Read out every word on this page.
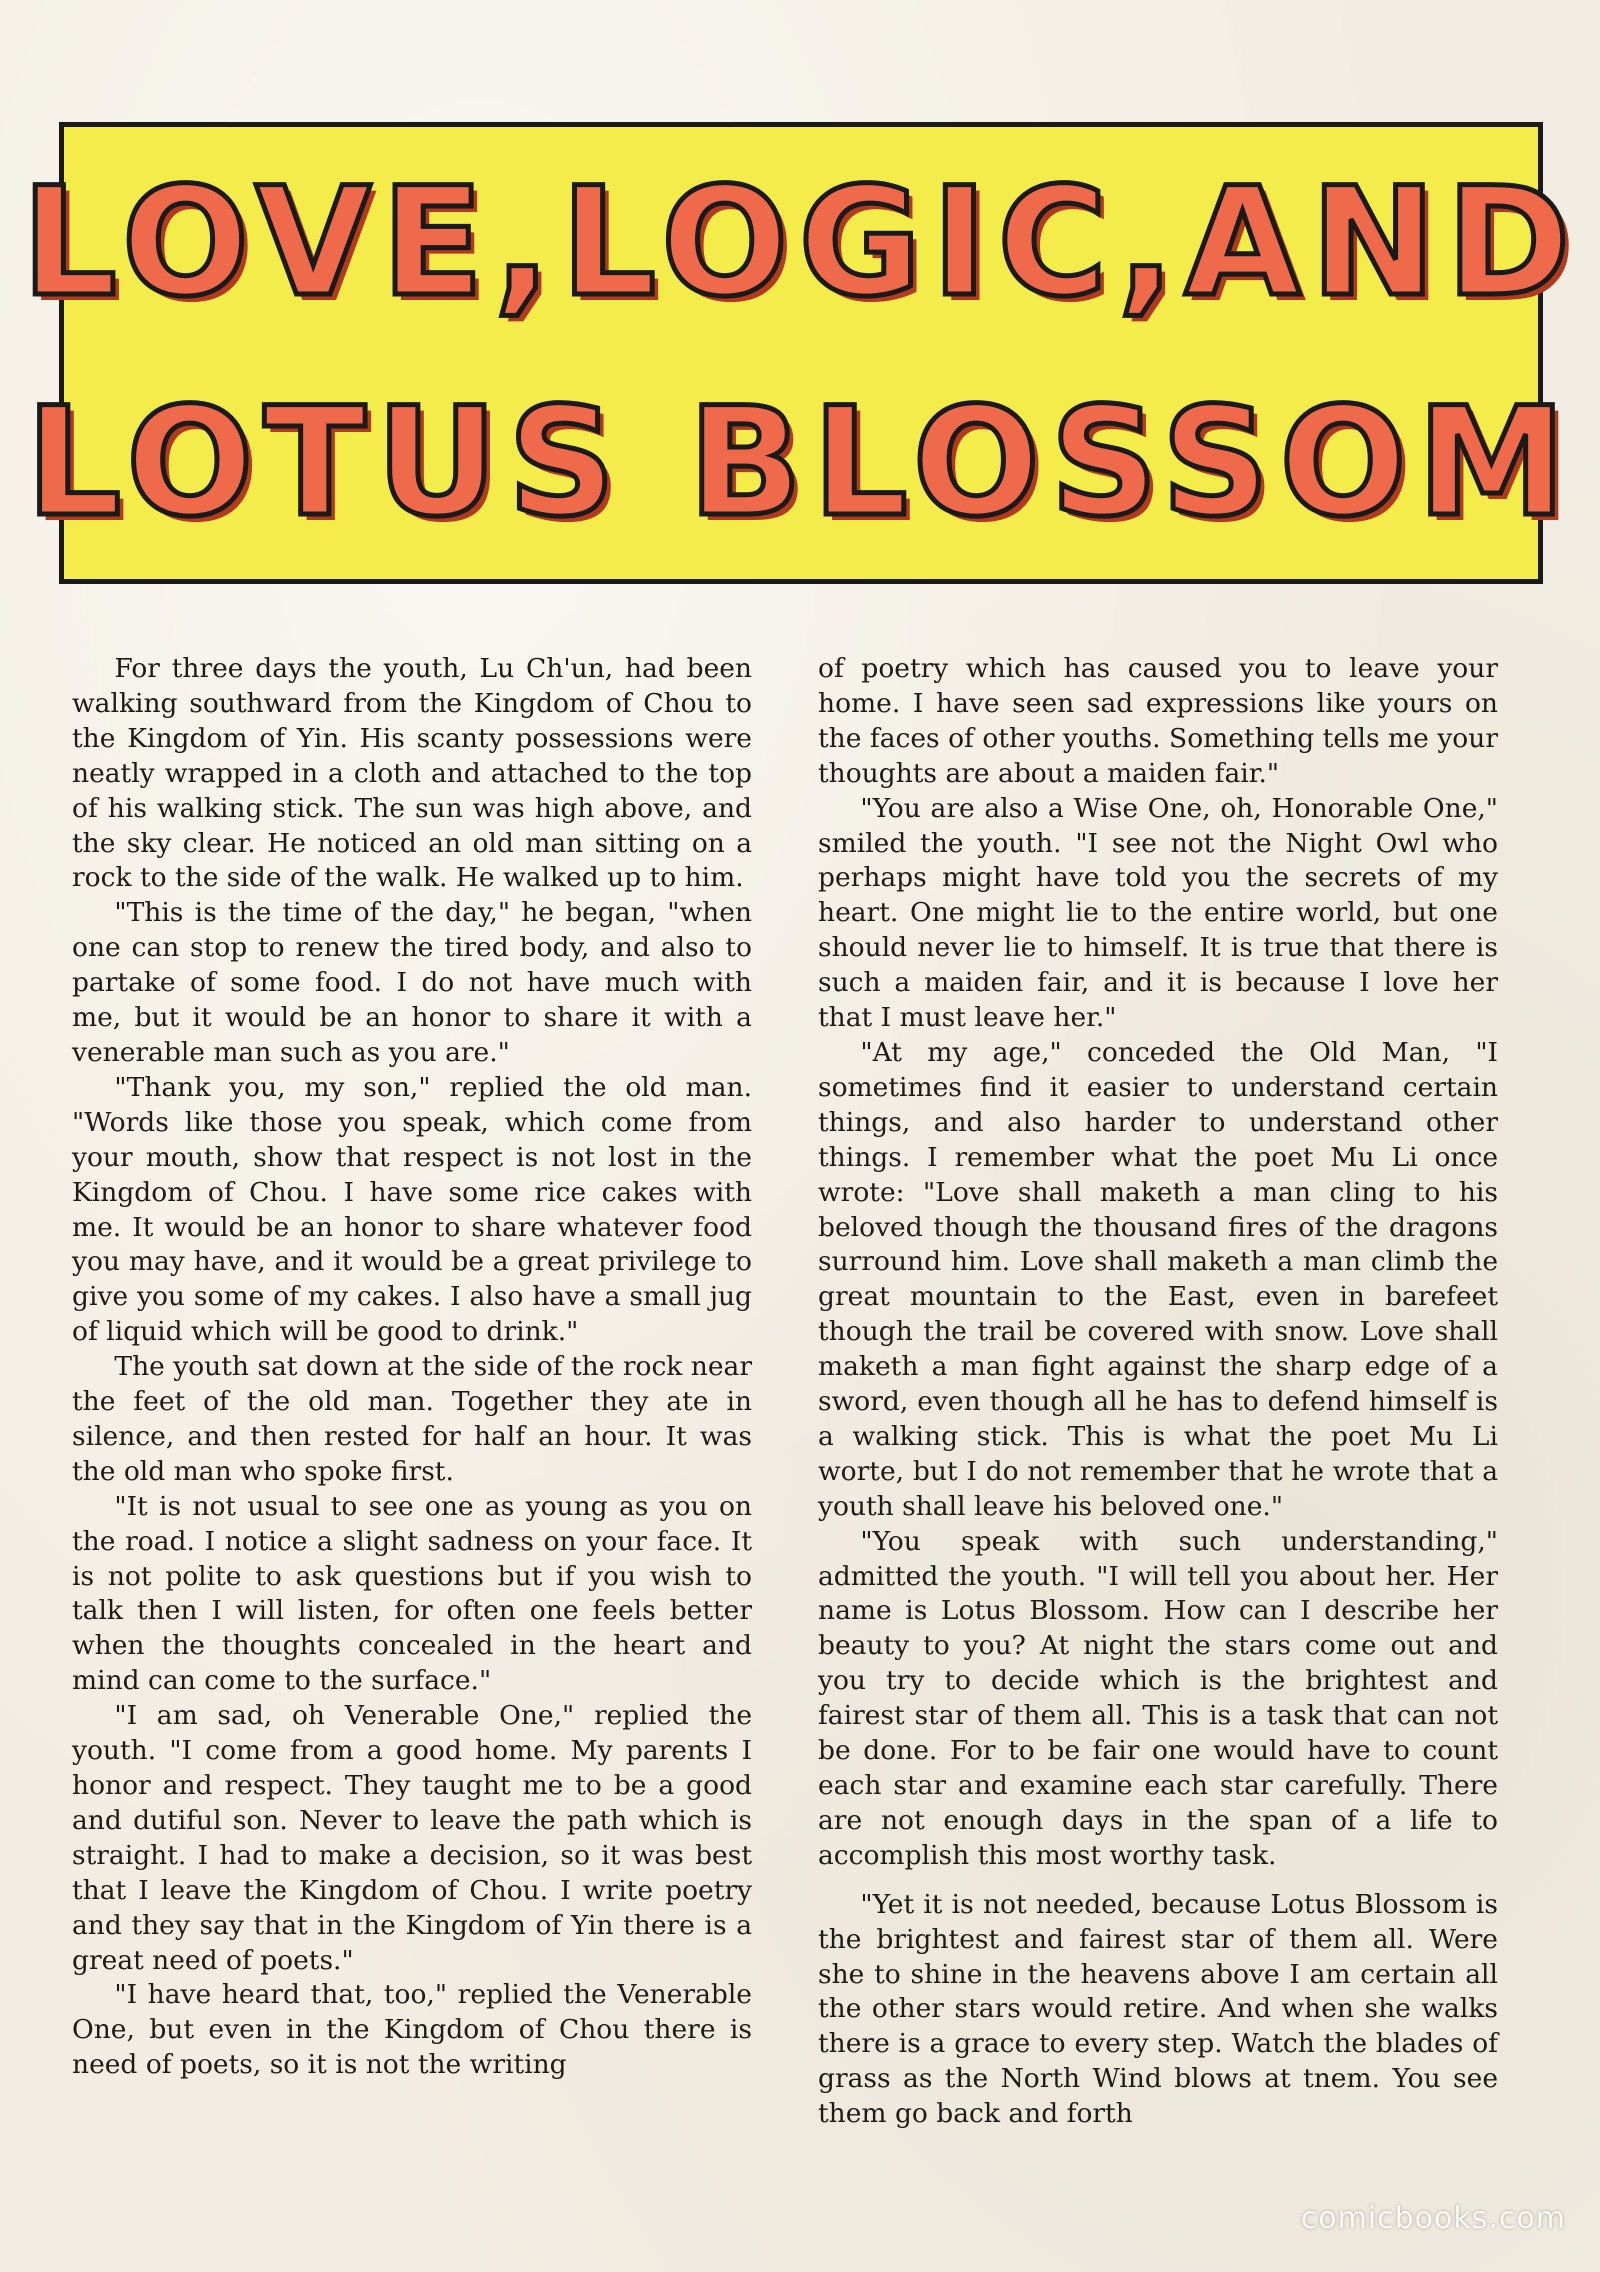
LOVE,LOGIC,AND
LOTUS BLOSSOM

For three days the youth, Lu Ch'un, had been walking southward from the Kingdom of Chou to the Kingdom of Yin. His scanty possessions were neatly wrapped in a cloth and attached to the top of his walking stick. The sun was high above, and the sky clear. He noticed an old man sitting on a rock to the side of the walk. He walked up to him.

"This is the time of the day," he began, "when one can stop to renew the tired body, and also to partake of some food. I do not have much with me, but it would be an honor to share it with a venerable man such as you are."

"Thank you, my son," replied the old man. "Words like those you speak, which come from your mouth, show that respect is not lost in the Kingdom of Chou. I have some rice cakes with me. It would be an honor to share whatever food you may have, and it would be a great privilege to give you some of my cakes. I also have a small jug of liquid which will be good to drink."

The youth sat down at the side of the rock near the feet of the old man. Together they ate in silence, and then rested for half an hour. It was the old man who spoke first.

"It is not usual to see one as young as you on the road. I notice a slight sadness on your face. It is not polite to ask questions but if you wish to talk then I will listen, for often one feels better when the thoughts concealed in the heart and mind can come to the surface."

"I am sad, oh Venerable One," replied the youth. "I come from a good home. My parents I honor and respect. They taught me to be a good and dutiful son. Never to leave the path which is straight. I had to make a decision, so it was best that I leave the Kingdom of Chou. I write poetry and they say that in the Kingdom of Yin there is a great need of poets."

"I have heard that, too," replied the Venerable One, but even in the Kingdom of Chou there is need of poets, so it is not the writing

of poetry which has caused you to leave your home. I have seen sad expressions like yours on the faces of other youths. Something tells me your thoughts are about a maiden fair."

"You are also a Wise One, oh, Honorable One," smiled the youth. "I see not the Night Owl who perhaps might have told you the secrets of my heart. One might lie to the entire world, but one should never lie to himself. It is true that there is such a maiden fair, and it is because I love her that I must leave her."

"At my age," conceded the Old Man, "I sometimes find it easier to understand certain things, and also harder to understand other things. I remember what the poet Mu Li once wrote: "Love shall maketh a man cling to his beloved though the thousand fires of the dragons surround him. Love shall maketh a man climb the great mountain to the East, even in barefeet though the trail be covered with snow. Love shall maketh a man fight against the sharp edge of a sword, even though all he has to defend himself is a walking stick. This is what the poet Mu Li worte, but I do not remember that he wrote that a youth shall leave his beloved one."

"You speak with such understanding," admitted the youth. "I will tell you about her. Her name is Lotus Blossom. How can I describe her beauty to you? At night the stars come out and you try to decide which is the brightest and fairest star of them all. This is a task that can not be done. For to be fair one would have to count each star and examine each star carefully. There are not enough days in the span of a life to accomplish this most worthy task.

"Yet it is not needed, because Lotus Blossom is the brightest and fairest star of them all. Were she to shine in the heavens above I am certain all the other stars would retire. And when she walks there is a grace to every step. Watch the blades of grass as the North Wind blows at tnem. You see them go back and forth

comicbooks.com
